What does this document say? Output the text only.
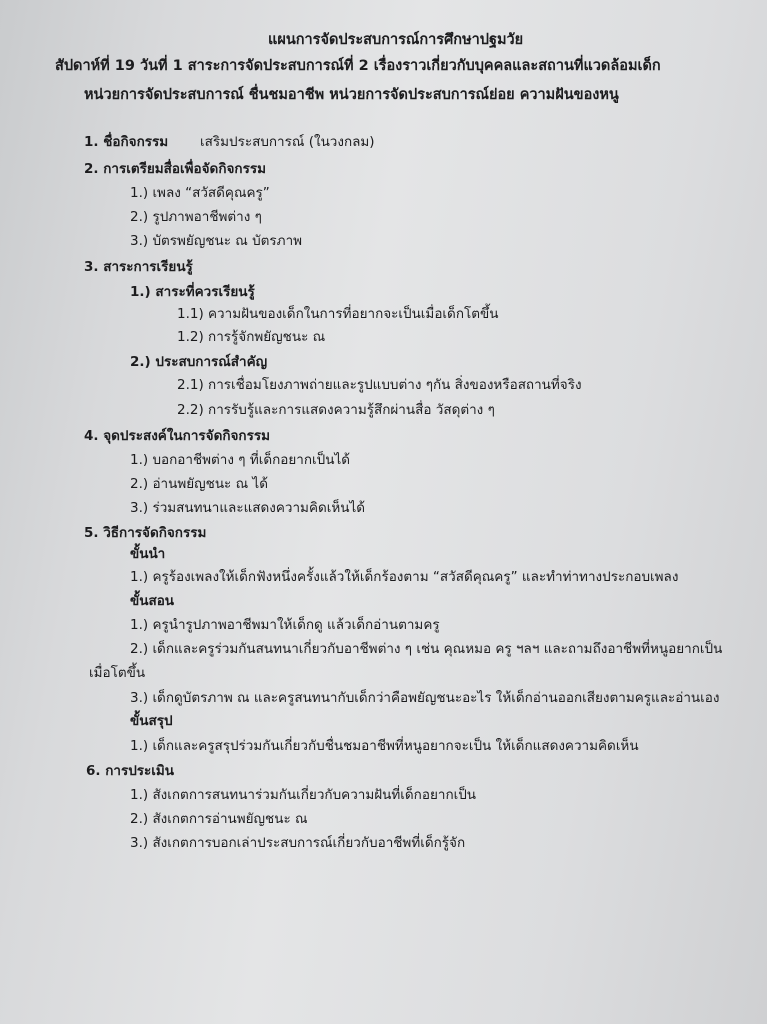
แผนการจัดประสบการณ์การศึกษาปฐมวัย
สัปดาห์ที่ 19 วันที่ 1 สาระการจัดประสบการณ์ที่ 2 เรื่องราวเกี่ยวกับบุคคลและสถานที่แวดล้อมเด็ก
หน่วยการจัดประสบการณ์ ชื่นชมอาชีพ หน่วยการจัดประสบการณ์ย่อย ความฝันของหนู
1. ชื่อกิจกรรม เสริมประสบการณ์ (ในวงกลม)
2. การเตรียมสื่อเพื่อจัดกิจกรรม
1.) เพลง “สวัสดีคุณครู”
2.) รูปภาพอาชีพต่าง ๆ
3.) บัตรพยัญชนะ ณ บัตรภาพ
3. สาระการเรียนรู้
1.) สาระที่ควรเรียนรู้
1.1) ความฝันของเด็กในการที่อยากจะเป็นเมื่อเด็กโตขึ้น
1.2) การรู้จักพยัญชนะ ณ
2.) ประสบการณ์สำคัญ
2.1) การเชื่อมโยงภาพถ่ายและรูปแบบต่าง ๆกัน สิ่งของหรือสถานที่จริง
2.2) การรับรู้และการแสดงความรู้สึกผ่านสื่อ วัสดุต่าง ๆ
4. จุดประสงค์ในการจัดกิจกรรม
1.) บอกอาชีพต่าง ๆ ที่เด็กอยากเป็นได้
2.) อ่านพยัญชนะ ณ ได้
3.) ร่วมสนทนาและแสดงความคิดเห็นได้
5. วิธีการจัดกิจกรรม
ขั้นนำ
1.) ครูร้องเพลงให้เด็กฟังหนึ่งครั้งแล้วให้เด็กร้องตาม “สวัสดีคุณครู” และทำท่าทางประกอบเพลง
ขั้นสอน
1.) ครูนำรูปภาพอาชีพมาให้เด็กดู แล้วเด็กอ่านตามครู
2.) เด็กและครูร่วมกันสนทนาเกี่ยวกับอาชีพต่าง ๆ เช่น คุณหมอ ครู ฯลฯ และถามถึงอาชีพที่หนูอยากเป็น
เมื่อโตขึ้น
3.) เด็กดูบัตรภาพ ณ และครูสนทนากับเด็กว่าคือพยัญชนะอะไร ให้เด็กอ่านออกเสียงตามครูและอ่านเอง
ขั้นสรุป
1.) เด็กและครูสรุปร่วมกันเกี่ยวกับชื่นชมอาชีพที่หนูอยากจะเป็น ให้เด็กแสดงความคิดเห็น
6. การประเมิน
1.) สังเกตการสนทนาร่วมกันเกี่ยวกับความฝันที่เด็กอยากเป็น
2.) สังเกตการอ่านพยัญชนะ ณ
3.) สังเกตการบอกเล่าประสบการณ์เกี่ยวกับอาชีพที่เด็กรู้จัก
